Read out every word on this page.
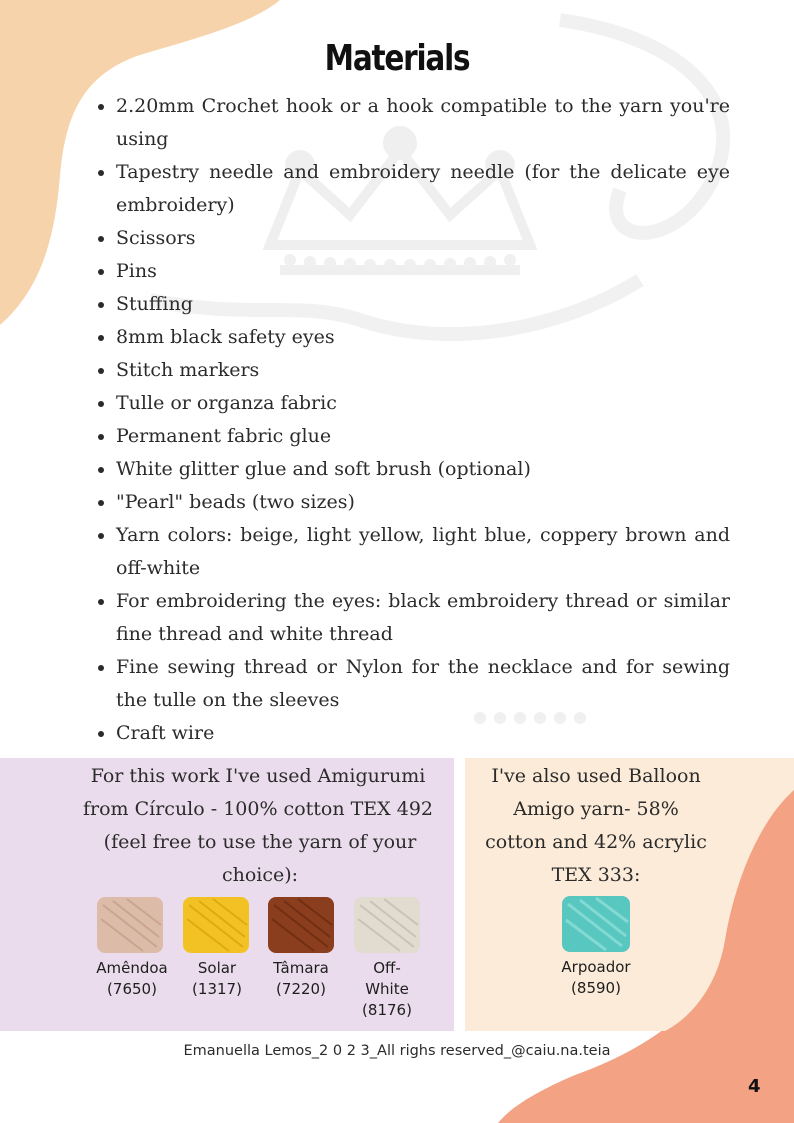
Materials
• 2.20mm Crochet hook or a hook compatible to the yarn you're using
• Tapestry needle and embroidery needle (for the delicate eye embroidery)
• Scissors
• Pins
• Stuffing
• 8mm black safety eyes
• Stitch markers
• Tulle or organza fabric
• Permanent fabric glue
• White glitter glue and soft brush (optional)
• "Pearl" beads (two sizes)
• Yarn colors: beige, light yellow, light blue, coppery brown and off-white
• For embroidering the eyes: black embroidery thread or similar fine thread and white thread
• Fine sewing thread or Nylon for the necklace and for sewing the tulle on the sleeves
• Craft wire
For this work I've used Amigurumi
from Círculo - 100% cotton TEX 492
(feel free to use the yarn of your
choice):
Amêndoa
(7650)
Solar
(1317)
Tâmara
(7220)
Off-
White
(8176)
I've also used Balloon
Amigo yarn- 58%
cotton and 42% acrylic
TEX 333:
Arpoador
(8590)
Emanuella Lemos_2 0 2 3_All righs reserved_@caiu.na.teia
4
